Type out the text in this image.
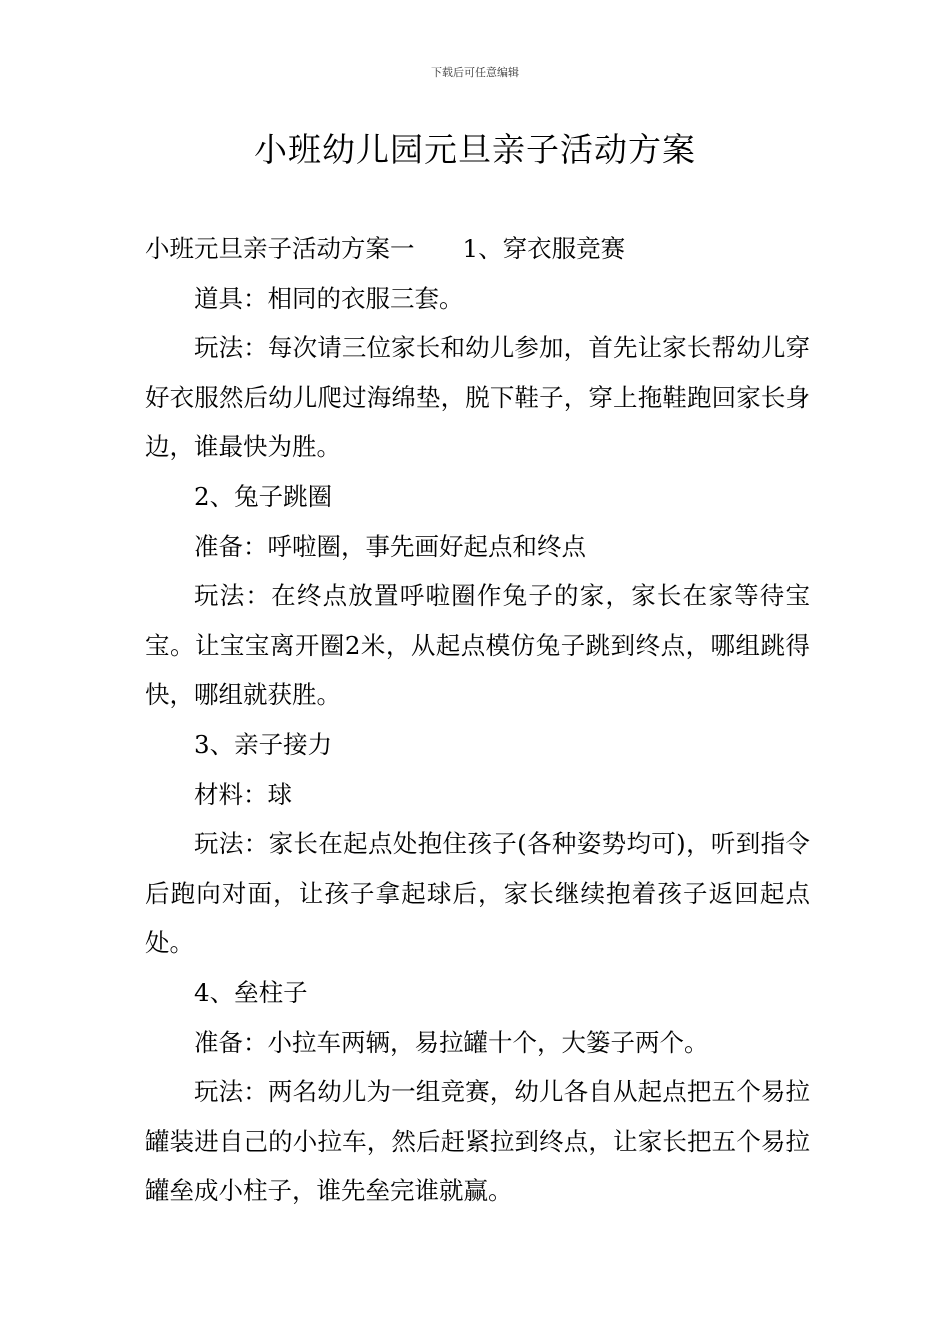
下载后可任意编辑
小班幼儿园元旦亲子活动方案

小班元旦亲子活动方案一 1、穿衣服竞赛

道具：相同的衣服三套。

玩法：每次请三位家长和幼儿参加，首先让家长帮幼儿穿好衣服然后幼儿爬过海绵垫，脱下鞋子，穿上拖鞋跑回家长身边，谁最快为胜。

2、兔子跳圈

准备：呼啦圈，事先画好起点和终点

玩法：在终点放置呼啦圈作兔子的家，家长在家等待宝宝。让宝宝离开圈2米，从起点模仿兔子跳到终点，哪组跳得快，哪组就获胜。

3、亲子接力

材料：球

玩法：家长在起点处抱住孩子(各种姿势均可)，听到指令后跑向对面，让孩子拿起球后，家长继续抱着孩子返回起点处。

4、垒柱子

准备：小拉车两辆，易拉罐十个，大篓子两个。

玩法：两名幼儿为一组竞赛，幼儿各自从起点把五个易拉罐装进自己的小拉车，然后赶紧拉到终点，让家长把五个易拉罐垒成小柱子，谁先垒完谁就赢。
